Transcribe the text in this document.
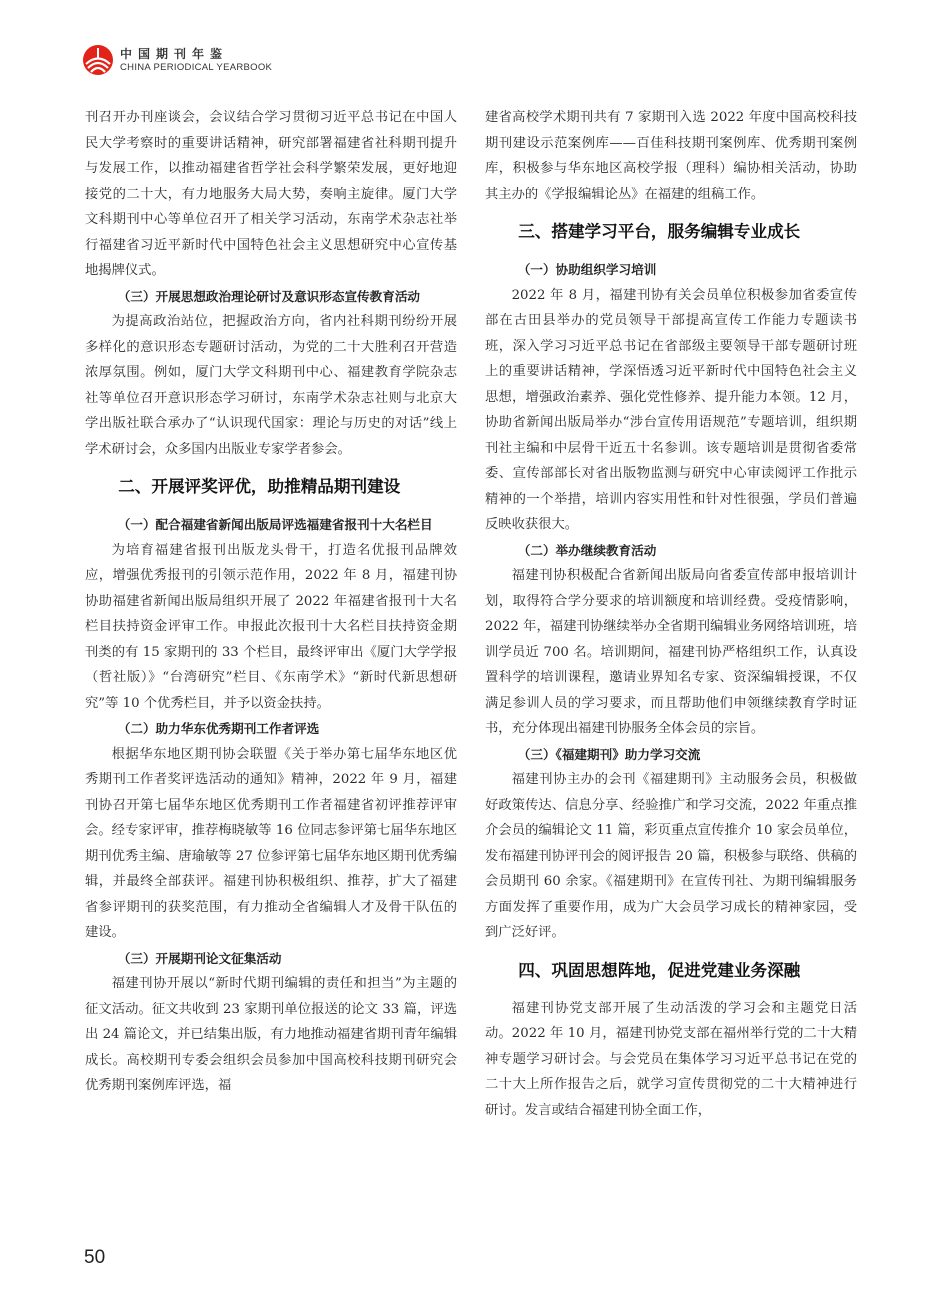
中国期刊年鉴
CHINA PERIODICAL YEARBOOK

刊召开办刊座谈会，会议结合学习贯彻习近平总书记在中国人民大学考察时的重要讲话精神，研究部署福建省社科期刊提升与发展工作，以推动福建省哲学社会科学繁荣发展，更好地迎接党的二十大，有力地服务大局大势，奏响主旋律。厦门大学文科期刊中心等单位召开了相关学习活动，东南学术杂志社举行福建省习近平新时代中国特色社会主义思想研究中心宣传基地揭牌仪式。

（三）开展思想政治理论研讨及意识形态宣传教育活动

为提高政治站位，把握政治方向，省内社科期刊纷纷开展多样化的意识形态专题研讨活动，为党的二十大胜利召开营造浓厚氛围。例如，厦门大学文科期刊中心、福建教育学院杂志社等单位召开意识形态学习研讨，东南学术杂志社则与北京大学出版社联合承办了“认识现代国家：理论与历史的对话”线上学术研讨会，众多国内出版业专家学者参会。

二、开展评奖评优，助推精品期刊建设

（一）配合福建省新闻出版局评选福建省报刊十大名栏目

为培育福建省报刊出版龙头骨干，打造名优报刊品牌效应，增强优秀报刊的引领示范作用，2022 年 8 月，福建刊协协助福建省新闻出版局组织开展了 2022 年福建省报刊十大名栏目扶持资金评审工作。申报此次报刊十大名栏目扶持资金期刊类的有 15 家期刊的 33 个栏目，最终评审出《厦门大学学报（哲社版）》“台湾研究”栏目、《东南学术》“新时代新思想研究”等 10 个优秀栏目，并予以资金扶持。

（二）助力华东优秀期刊工作者评选

根据华东地区期刊协会联盟《关于举办第七届华东地区优秀期刊工作者奖评选活动的通知》精神，2022 年 9 月，福建刊协召开第七届华东地区优秀期刊工作者福建省初评推荐评审会。经专家评审，推荐梅晓敏等 16 位同志参评第七届华东地区期刊优秀主编、唐瑜敏等 27 位参评第七届华东地区期刊优秀编辑，并最终全部获评。福建刊协积极组织、推荐，扩大了福建省参评期刊的获奖范围，有力推动全省编辑人才及骨干队伍的建设。

（三）开展期刊论文征集活动

福建刊协开展以“新时代期刊编辑的责任和担当”为主题的征文活动。征文共收到 23 家期刊单位报送的论文 33 篇，评选出 24 篇论文，并已结集出版，有力地推动福建省期刊青年编辑成长。高校期刊专委会组织会员参加中国高校科技期刊研究会优秀期刊案例库评选，福

建省高校学术期刊共有 7 家期刊入选 2022 年度中国高校科技期刊建设示范案例库——百佳科技期刊案例库、优秀期刊案例库，积极参与华东地区高校学报（理科）编协相关活动，协助其主办的《学报编辑论丛》在福建的组稿工作。

三、搭建学习平台，服务编辑专业成长

（一）协助组织学习培训

2022 年 8 月，福建刊协有关会员单位积极参加省委宣传部在古田县举办的党员领导干部提高宣传工作能力专题读书班，深入学习习近平总书记在省部级主要领导干部专题研讨班上的重要讲话精神，学深悟透习近平新时代中国特色社会主义思想，增强政治素养、强化党性修养、提升能力本领。12 月，协助省新闻出版局举办“涉台宣传用语规范”专题培训，组织期刊社主编和中层骨干近五十名参训。该专题培训是贯彻省委常委、宣传部部长对省出版物监测与研究中心审读阅评工作批示精神的一个举措，培训内容实用性和针对性很强，学员们普遍反映收获很大。

（二）举办继续教育活动

福建刊协积极配合省新闻出版局向省委宣传部申报培训计划，取得符合学分要求的培训额度和培训经费。受疫情影响，2022 年，福建刊协继续举办全省期刊编辑业务网络培训班，培训学员近 700 名。培训期间，福建刊协严格组织工作，认真设置科学的培训课程，邀请业界知名专家、资深编辑授课，不仅满足参训人员的学习要求，而且帮助他们申领继续教育学时证书，充分体现出福建刊协服务全体会员的宗旨。

（三）《福建期刊》助力学习交流

福建刊协主办的会刊《福建期刊》主动服务会员，积极做好政策传达、信息分享、经验推广和学习交流，2022 年重点推介会员的编辑论文 11 篇，彩页重点宣传推介 10 家会员单位，发布福建刊协评刊会的阅评报告 20 篇，积极参与联络、供稿的会员期刊 60 余家。《福建期刊》在宣传刊社、为期刊编辑服务方面发挥了重要作用，成为广大会员学习成长的精神家园，受到广泛好评。

四、巩固思想阵地，促进党建业务深融

福建刊协党支部开展了生动活泼的学习会和主题党日活动。2022 年 10 月，福建刊协党支部在福州举行党的二十大精神专题学习研讨会。与会党员在集体学习习近平总书记在党的二十大上所作报告之后，就学习宣传贯彻党的二十大精神进行研讨。发言或结合福建刊协全面工作，

50
